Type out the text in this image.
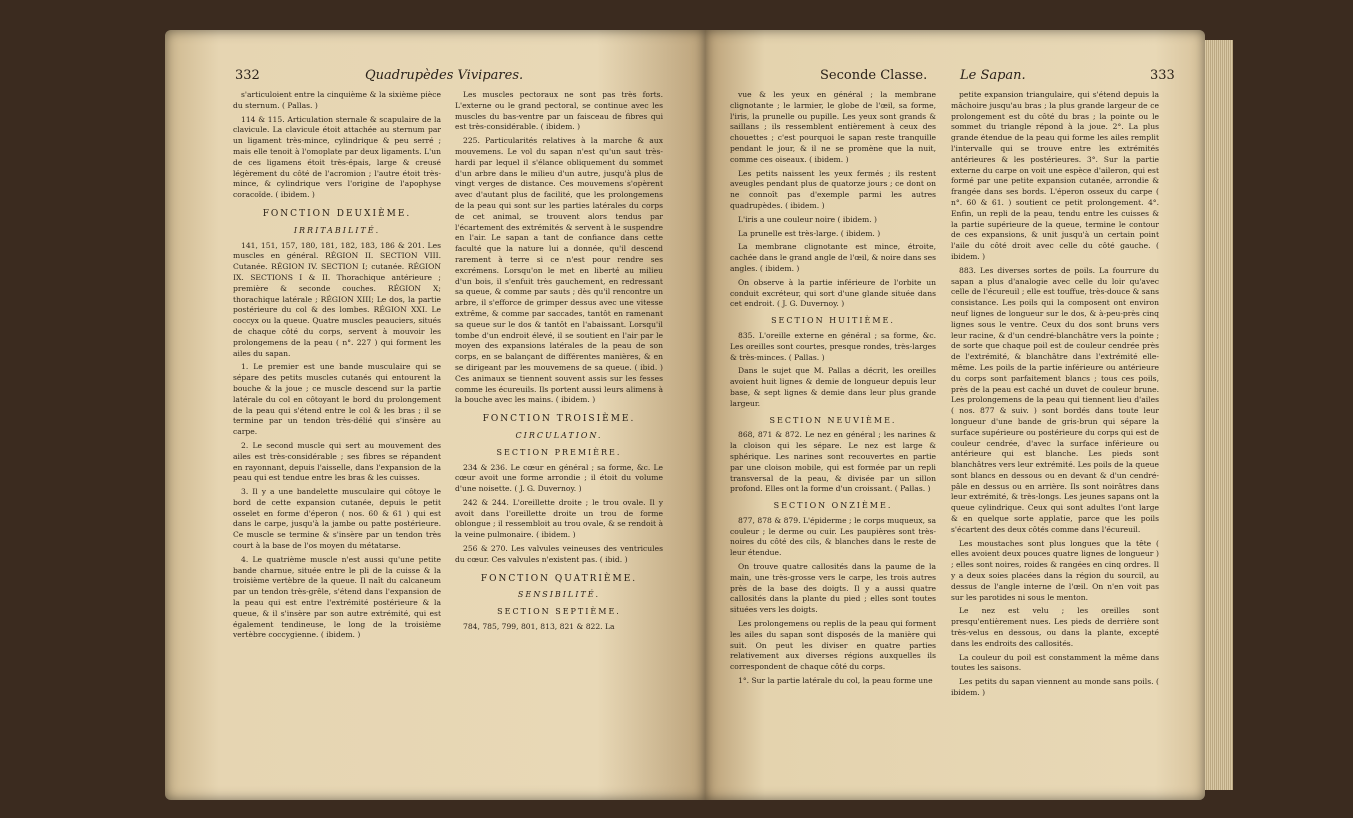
332	Quadrupèdes Vivipares.

s'articuloient entre la cinquième & la sixième pièce du sternum. ( Pallas. )

114 & 115. Articulation sternale & scapulaire de la clavicule. La clavicule étoit attachée au sternum par un ligament très-mince, cylindrique & peu serré ; mais elle tenoit à l'omoplate par deux ligaments. L'un de ces ligamens étoit très-épais, large & creusé légèrement du côté de l'acromion ; l'autre étoit très-mince, & cylindrique vers l'origine de l'apophyse coracoïde. ( ibidem. )

FONCTION DEUXIÈME.
IRRITABILITÉ.

141, 151, 157, 180, 181, 182, 183, 186 & 201. Les muscles en général. RÉGION II. SECTION VIII. Cutanée. RÉGION IV. SECTION I; cutanée. RÉGION IX. SECTIONS I & II. Thorachique antérieure ; première & seconde couches. RÉGION X; thorachique latérale ; RÉGION XIII; Le dos, la partie postérieure du col & des lombes. RÉGION XXI. Le coccyx ou la queue. Quatre muscles peauciers, situés de chaque côté du corps, servent à mouvoir les prolongemens de la peau ( n°. 227 ) qui forment les ailes du sapan.

1. Le premier est une bande musculaire qui se sépare des petits muscles cutanés qui entourent la bouche & la joue ; ce muscle descend sur la partie latérale du col en côtoyant le bord du prolongement de la peau qui s'étend entre le col & les bras ; il se termine par un tendon très-délié qui s'insère au carpe.

2. Le second muscle qui sert au mouvement des ailes est très-considérable ; ses fibres se répandent en rayonnant, depuis l'aisselle, dans l'expansion de la peau qui est tendue entre les bras & les cuisses.

3. Il y a une bandelette musculaire qui côtoye le bord de cette expansion cutanée, depuis le petit osselet en forme d'éperon ( nos. 60 & 61 ) qui est dans le carpe, jusqu'à la jambe ou patte postérieure. Ce muscle se termine & s'insère par un tendon très court à la base de l'os moyen du métatarse.

4. Le quatrième muscle n'est aussi qu'une petite bande charnue, située entre le pli de la cuisse & la troisième vertèbre de la queue. Il naît du calcaneum par un tendon très-grêle, s'étend dans l'expansion de la peau qui est entre l'extrémité postérieure & la queue, & il s'insère par son autre extrémité, qui est également tendineuse, le long de la troisième vertèbre coccygienne. ( ibidem. )

Les muscles pectoraux ne sont pas très forts. L'externe ou le grand pectoral, se continue avec les muscles du bas-ventre par un faisceau de fibres qui est très-considérable. ( ibidem. )

225. Particularités relatives à la marche & aux mouvemens. Le vol du sapan n'est qu'un saut très-hardi par lequel il s'élance obliquement du sommet d'un arbre dans le milieu d'un autre, jusqu'à plus de vingt verges de distance. Ces mouvemens s'opèrent avec d'autant plus de facilité, que les prolongemens de la peau qui sont sur les parties latérales du corps de cet animal, se trouvent alors tendus par l'écartement des extrémités & servent à le suspendre en l'air. Le sapan a tant de confiance dans cette faculté que la nature lui a donnée, qu'il descend rarement à terre si ce n'est pour rendre ses excrémens. Lorsqu'on le met en liberté au milieu d'un bois, il s'enfuit très gauchement, en redressant sa queue, & comme par sauts ; dès qu'il rencontre un arbre, il s'efforce de grimper dessus avec une vitesse extrême, & comme par saccades, tantôt en ramenant sa queue sur le dos & tantôt en l'abaissant. Lorsqu'il tombe d'un endroit élevé, il se soutient en l'air par le moyen des expansions latérales de la peau de son corps, en se balançant de différentes manières, & en se dirigeant par les mouvemens de sa queue. ( ibid. ) Ces animaux se tiennent souvent assis sur les fesses comme les écureuils. Ils portent aussi leurs alimens à la bouche avec les mains. ( ibidem. )

FONCTION TROISIÈME.
CIRCULATION.
SECTION PREMIÈRE.

234 & 236. Le cœur en général ; sa forme, &c. Le cœur avoit une forme arrondie ; il étoit du volume d'une noisette. ( J. G. Duvernoy. )

242 & 244. L'oreillette droite ; le trou ovale. Il y avoit dans l'oreillette droite un trou de forme oblongue ; il ressembloit au trou ovale, & se rendoit à la veine pulmonaire. ( ibidem. )

256 & 270. Les valvules veineuses des ventricules du cœur. Ces valvules n'existent pas. ( ibid. )

FONCTION QUATRIÈME.
SENSIBILITÉ.
SECTION SEPTIÈME.

784, 785, 799, 801, 813, 821 & 822. La

Seconde Classe.	Le Sapan.	333

vue & les yeux en général ; la membrane clignotante ; le larmier, le globe de l'œil, sa forme, l'iris, la prunelle ou pupille. Les yeux sont grands & saillans ; ils ressemblent entièrement à ceux des chouettes ; c'est pourquoi le sapan reste tranquille pendant le jour, & il ne se promène que la nuit, comme ces oiseaux. ( ibidem. )

Les petits naissent les yeux fermés ; ils restent aveugles pendant plus de quatorze jours ; ce dont on ne connoît pas d'exemple parmi les autres quadrupèdes. ( ibidem. )

L'iris a une couleur noire ( ibidem. )

La prunelle est très-large. ( ibidem. )

La membrane clignotante est mince, étroite, cachée dans le grand angle de l'œil, & noire dans ses angles. ( ibidem. )

On observe à la partie inférieure de l'orbite un conduit excréteur, qui sort d'une glande située dans cet endroit. ( J. G. Duvernoy. )

SECTION HUITIÈME.

835. L'oreille externe en général ; sa forme, &c. Les oreilles sont courtes, presque rondes, très-larges & très-minces. ( Pallas. )

Dans le sujet que M. Pallas a décrit, les oreilles avoient huit lignes & demie de longueur depuis leur base, & sept lignes & demie dans leur plus grande largeur.

SECTION NEUVIÈME.

868, 871 & 872. Le nez en général ; les narines & la cloison qui les sépare. Le nez est large & sphérique. Les narines sont recouvertes en partie par une cloison mobile, qui est formée par un repli transversal de la peau, & divisée par un sillon profond. Elles ont la forme d'un croissant. ( Pallas. )

SECTION ONZIÈME.

877, 878 & 879. L'épiderme ; le corps muqueux, sa couleur ; le derme ou cuir. Les paupières sont très-noires du côté des cils, & blanches dans le reste de leur étendue.

On trouve quatre callosités dans la paume de la main, une très-grosse vers le carpe, les trois autres près de la base des doigts. Il y a aussi quatre callosités dans la plante du pied ; elles sont toutes situées vers les doigts.

Les prolongemens ou replis de la peau qui forment les ailes du sapan sont disposés de la manière qui suit. On peut les diviser en quatre parties relativement aux diverses régions auxquelles ils correspondent de chaque côté du corps.

1°. Sur la partie latérale du col, la peau forme une

petite expansion triangulaire, qui s'étend depuis la mâchoire jusqu'au bras ; la plus grande largeur de ce prolongement est du côté du bras ; la pointe ou le sommet du triangle répond à la joue. 2°. La plus grande étendue de la peau qui forme les ailes remplit l'intervalle qui se trouve entre les extrémités antérieures & les postérieures. 3°. Sur la partie externe du carpe on voit une espèce d'aileron, qui est formé par une petite expansion cutanée, arrondie & frangée dans ses bords. L'éperon osseux du carpe ( n°. 60 & 61. ) soutient ce petit prolongement. 4°. Enfin, un repli de la peau, tendu entre les cuisses & la partie supérieure de la queue, termine le contour de ces expansions, & unit jusqu'à un certain point l'aile du côté droit avec celle du côté gauche. ( ibidem. )

883. Les diverses sortes de poils. La fourrure du sapan a plus d'analogie avec celle du loir qu'avec celle de l'écureuil ; elle est touffue, très-douce & sans consistance. Les poils qui la composent ont environ neuf lignes de longueur sur le dos, & à-peu-près cinq lignes sous le ventre. Ceux du dos sont bruns vers leur racine, & d'un cendré-blanchâtre vers la pointe ; de sorte que chaque poil est de couleur cendrée près de l'extrémité, & blanchâtre dans l'extrémité elle-même. Les poils de la partie inférieure ou antérieure du corps sont parfaitement blancs ; tous ces poils, près de la peau est caché un duvet de couleur brune. Les prolongemens de la peau qui tiennent lieu d'ailes ( nos. 877 & suiv. ) sont bordés dans toute leur longueur d'une bande de gris-brun qui sépare la surface supérieure ou postérieure du corps qui est de couleur cendrée, d'avec la surface inférieure ou antérieure qui est blanche. Les pieds sont blanchâtres vers leur extrémité. Les poils de la queue sont blancs en dessous ou en devant & d'un cendré-pâle en dessus ou en arrière. Ils sont noirâtres dans leur extrémité, & très-longs. Les jeunes sapans ont la queue cylindrique. Ceux qui sont adultes l'ont large & en quelque sorte applatie, parce que les poils s'écartent des deux côtés comme dans l'écureuil.

Les moustaches sont plus longues que la tête ( elles avoient deux pouces quatre lignes de longueur ) ; elles sont noires, roides & rangées en cinq ordres. Il y a deux soies placées dans la région du sourcil, au dessus de l'angle interne de l'œil. On n'en voit pas sur les parotides ni sous le menton.

Le nez est velu ; les oreilles sont presqu'entièrement nues. Les pieds de derrière sont très-velus en dessous, ou dans la plante, excepté dans les endroits des callosités.

La couleur du poil est constamment la même dans toutes les saisons.

Les petits du sapan viennent au monde sans poils. ( ibidem. )
